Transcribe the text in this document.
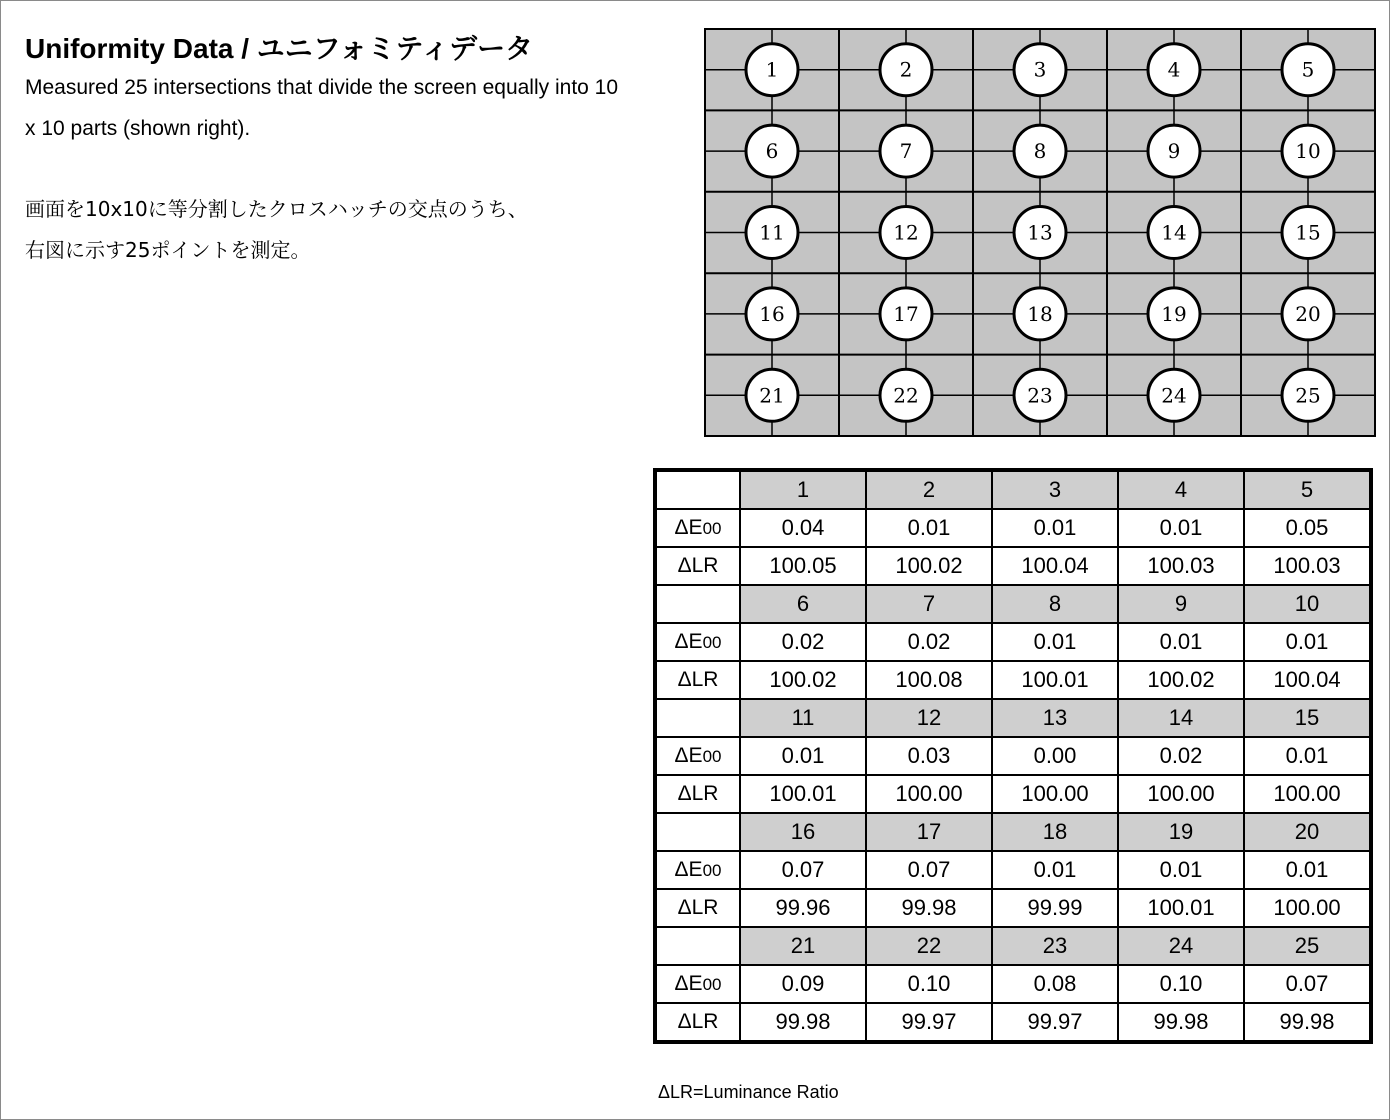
Uniformity Data / ユニフォミティデータ
Measured 25 intersections that divide the screen equally into 10 x 10 parts (shown right).
画面を10x10に等分割したクロスハッチの交点のうち、
右図に示す25ポイントを測定。
1	2	3	4	5
6	7	8	9	10
11	12	13	14	15
16	17	18	19	20
21	22	23	24	25
	1	2	3	4	5
ΔE00	0.04	0.01	0.01	0.01	0.05
ΔLR	100.05	100.02	100.04	100.03	100.03
	6	7	8	9	10
ΔE00	0.02	0.02	0.01	0.01	0.01
ΔLR	100.02	100.08	100.01	100.02	100.04
	11	12	13	14	15
ΔE00	0.01	0.03	0.00	0.02	0.01
ΔLR	100.01	100.00	100.00	100.00	100.00
	16	17	18	19	20
ΔE00	0.07	0.07	0.01	0.01	0.01
ΔLR	99.96	99.98	99.99	100.01	100.00
	21	22	23	24	25
ΔE00	0.09	0.10	0.08	0.10	0.07
ΔLR	99.98	99.97	99.97	99.98	99.98
ΔLR=Luminance Ratio
